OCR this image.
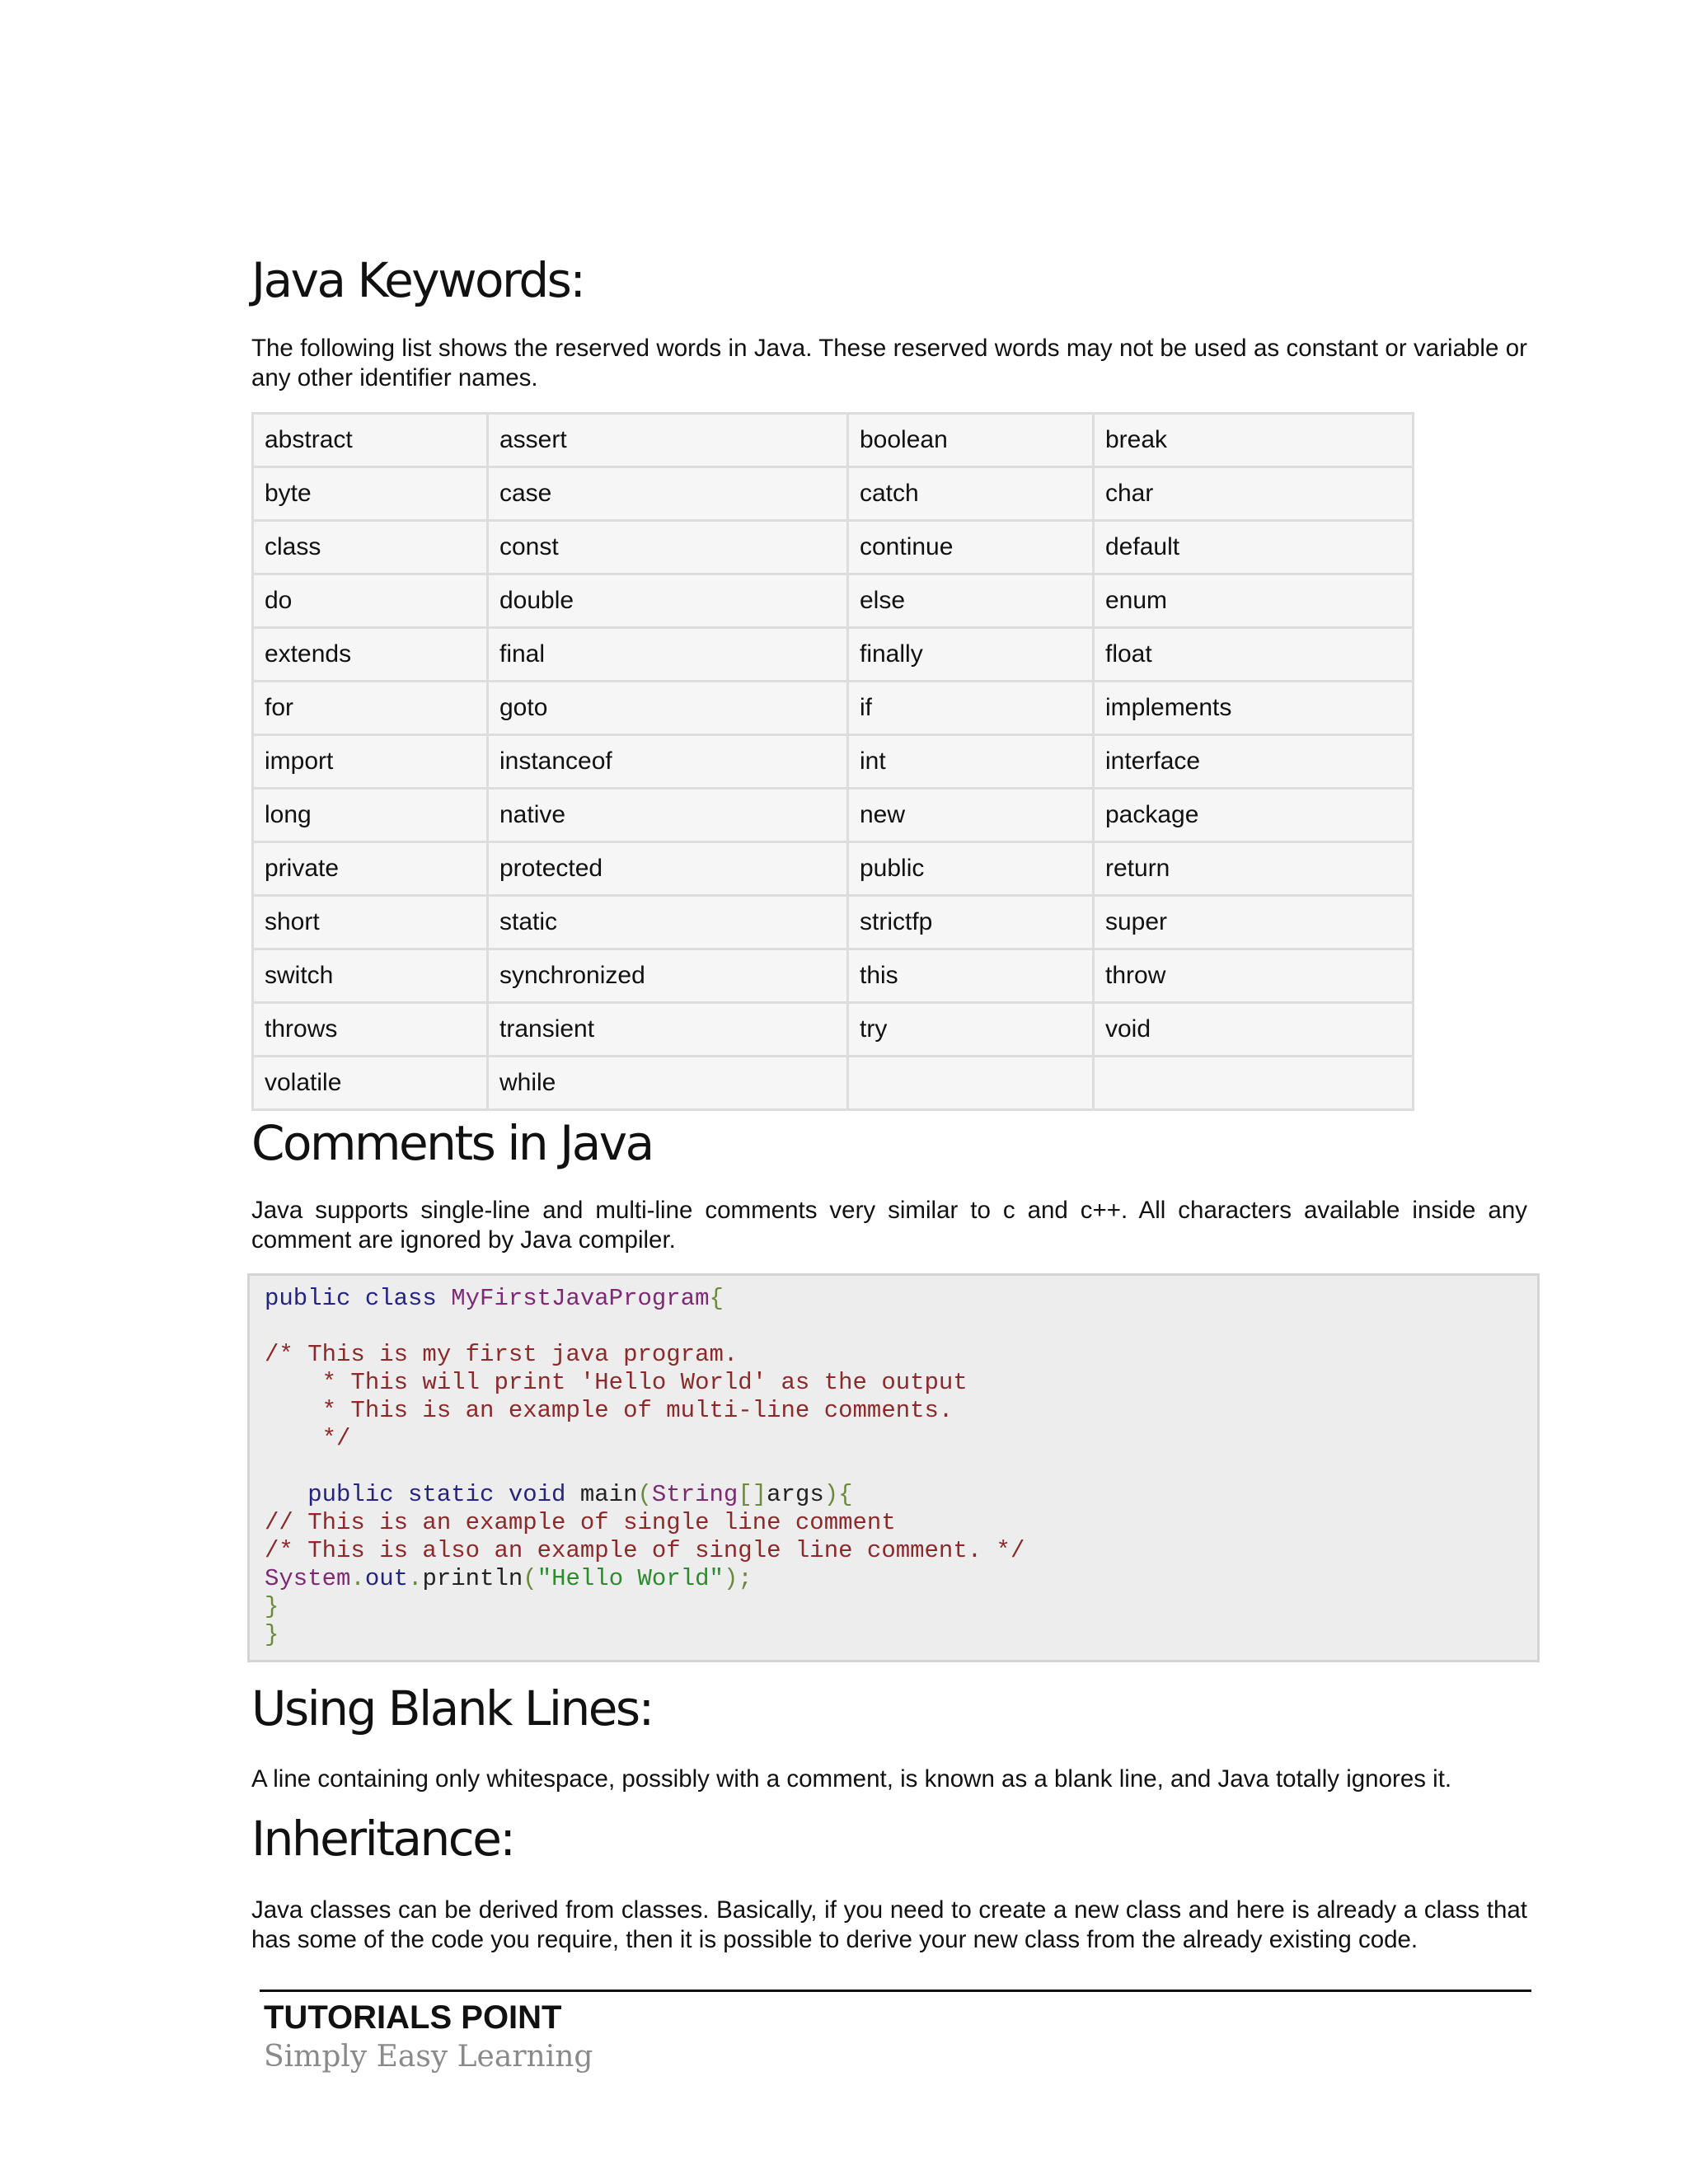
Java Keywords:

The following list shows the reserved words in Java. These reserved words may not be used as constant or variable or any other identifier names.

abstract	assert	boolean	break
byte	case	catch	char
class	const	continue	default
do	double	else	enum
extends	final	finally	float
for	goto	if	implements
import	instanceof	int	interface
long	native	new	package
private	protected	public	return
short	static	strictfp	super
switch	synchronized	this	throw
throws	transient	try	void
volatile	while		
Comments in Java

Java supports single-line and multi-line comments very similar to c and c++. All characters available inside any comment are ignored by Java compiler.

public class MyFirstJavaProgram{
/* This is my first java program.
* This will print 'Hello World' as the output
* This is an example of multi-line comments.
*/
public static void main(String[]args){
// This is an example of single line comment
/* This is also an example of single line comment. */
System.out.println("Hello World");
}
}
Using Blank Lines:

A line containing only whitespace, possibly with a comment, is known as a blank line, and Java totally ignores it.

Inheritance:

Java classes can be derived from classes. Basically, if you need to create a new class and here is already a class that has some of the code you require, then it is possible to derive your new class from the already existing code.

TUTORIALS POINT

Simply Easy Learning
